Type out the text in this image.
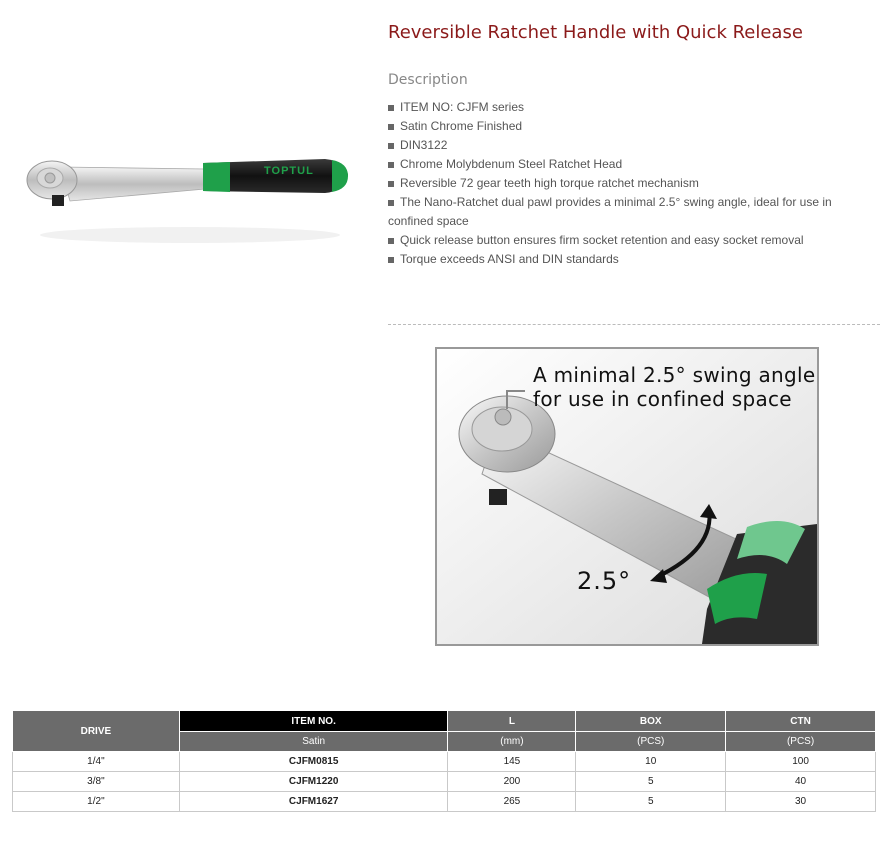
TOPTUL
Reversible Ratchet Handle with Quick Release
Description
ITEM NO: CJFM series
Satin Chrome Finished
DIN3122
Chrome Molybdenum Steel Ratchet Head
Reversible 72 gear teeth high torque ratchet mechanism
The Nano-Ratchet dual pawl provides a minimal 2.5° swing angle, ideal for use in confined space
Quick release button ensures firm socket retention and easy socket removal
Torque exceeds ANSI and DIN standards
A minimal 2.5° swing angle
for use in confined space
2.5°
DRIVE	ITEM NO.	L	BOX	CTN
	Satin	(mm)	(PCS)	(PCS)
1/4"	CJFM0815	145	10	100
3/8"	CJFM1220	200	5	40
1/2"	CJFM1627	265	5	30
